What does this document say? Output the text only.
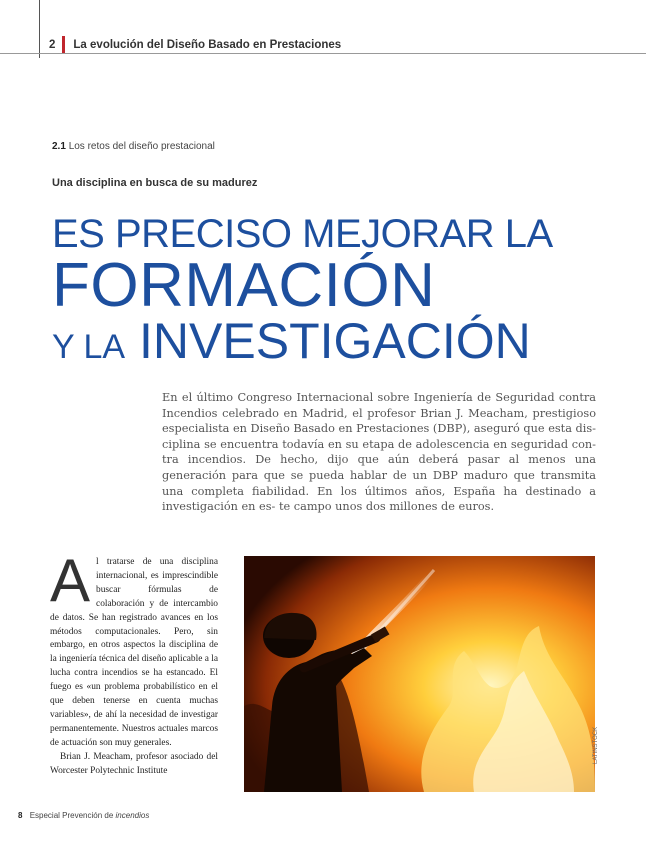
2 La evolución del Diseño Basado en Prestaciones
2.1 Los retos del diseño prestacional
Una disciplina en busca de su madurez
ES PRECISO MEJORAR LA
FORMACIÓN
Y LA INVESTIGACIÓN

En el último Congreso Internacional sobre Ingeniería de Seguridad contra Incendios celebrado en Madrid, el profesor Brian J. Meacham, prestigioso especialista en Diseño Basado en Prestaciones (DBP), aseguró que esta dis- ciplina se encuentra todavía en su etapa de adolescencia en seguridad con- tra incendios. De hecho, dijo que aún deberá pasar al menos una generación para que se pueda hablar de un DBP maduro que transmita una completa fiabilidad. En los últimos años, España ha destinado a investigación en es- te campo unos dos millones de euros.

Al tratarse de una disciplina internacional, es imprescindible buscar fórmulas de colaboración y de intercambio de datos. Se han registrado avances en los métodos computacionales. Pero, sin embargo, en otros aspectos la disciplina de la ingeniería técnica del diseño aplicable a la lucha contra incendios se ha estancado. El fuego es «un problema probabilístico en el que deben tenerse en cuenta muchas variables», de ahí la necesidad de investigar permanentemente. Nuestros actuales marcos de actuación son muy generales.

Brian J. Meacham, profesor asociado del Worcester Polytechnic Institute

LATINSTOCK
8 Especial Prevención de incendios
